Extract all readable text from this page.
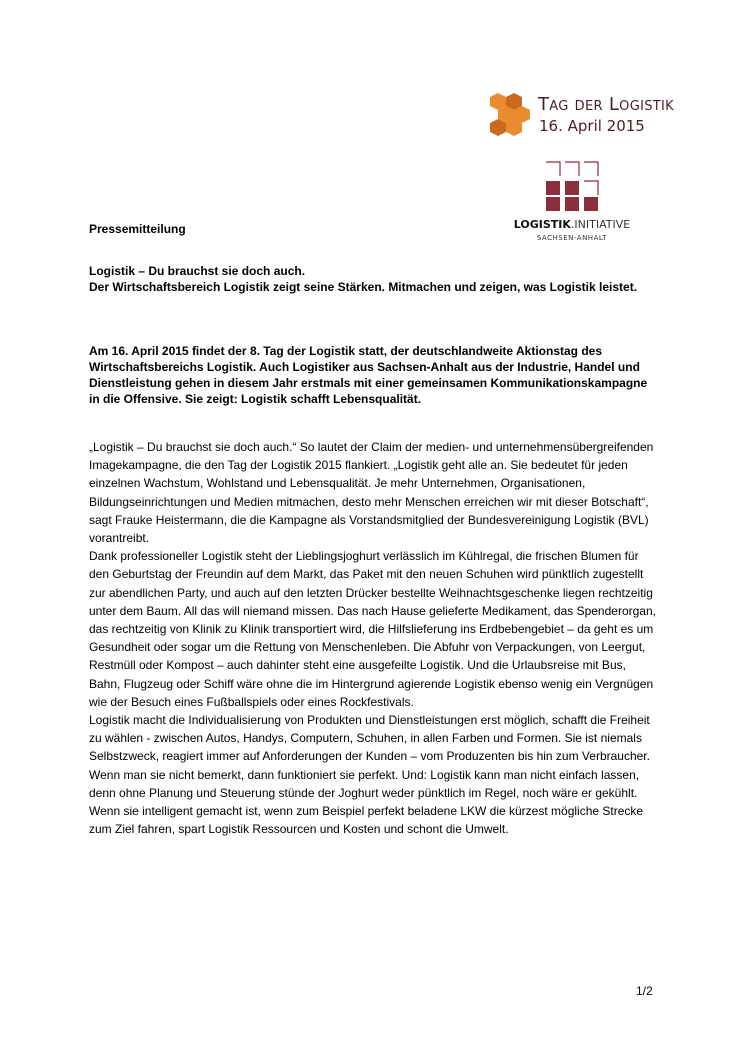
Tag der Logistik
16. April 2015
LOGISTIK.INITIATIVE
SACHSEN-ANHALT
Pressemitteilung
Logistik – Du brauchst sie doch auch.
Der Wirtschaftsbereich Logistik zeigt seine Stärken. Mitmachen und zeigen, was Logistik leistet.
Am 16. April 2015 findet der 8. Tag der Logistik statt, der deutschlandweite Aktionstag des Wirtschaftsbereichs Logistik. Auch Logistiker aus Sachsen-Anhalt aus der Industrie, Handel und Dienstleistung gehen in diesem Jahr erstmals mit einer gemeinsamen Kommunikationskampagne in die Offensive. Sie zeigt: Logistik schafft Lebensqualität.

„Logistik – Du brauchst sie doch auch.“ So lautet der Claim der medien- und unternehmensübergreifenden Imagekampagne, die den Tag der Logistik 2015 flankiert. „Logistik geht alle an. Sie bedeutet für jeden einzelnen Wachstum, Wohlstand und Lebensqualität. Je mehr Unternehmen, Organisationen, Bildungseinrichtungen und Medien mitmachen, desto mehr Menschen erreichen wir mit dieser Botschaft“, sagt Frauke Heistermann, die die Kampagne als Vorstandsmitglied der Bundesvereinigung Logistik (BVL) vorantreibt.

Dank professioneller Logistik steht der Lieblingsjoghurt verlässlich im Kühlregal, die frischen Blumen für den Geburtstag der Freundin auf dem Markt, das Paket mit den neuen Schuhen wird pünktlich zugestellt zur abendlichen Party, und auch auf den letzten Drücker bestellte Weihnachtsgeschenke liegen rechtzeitig unter dem Baum. All das will niemand missen. Das nach Hause gelieferte Medikament, das Spenderorgan, das rechtzeitig von Klinik zu Klinik transportiert wird, die Hilfslieferung ins Erdbebengebiet – da geht es um Gesundheit oder sogar um die Rettung von Menschenleben. Die Abfuhr von Verpackungen, von Leergut, Restmüll oder Kompost – auch dahinter steht eine ausgefeilte Logistik. Und die Urlaubsreise mit Bus, Bahn, Flugzeug oder Schiff wäre ohne die im Hintergrund agierende Logistik ebenso wenig ein Vergnügen wie der Besuch eines Fußballspiels oder eines Rockfestivals.

Logistik macht die Individualisierung von Produkten und Dienstleistungen erst möglich, schafft die Freiheit zu wählen - zwischen Autos, Handys, Computern, Schuhen, in allen Farben und Formen. Sie ist niemals Selbstzweck, reagiert immer auf Anforderungen der Kunden – vom Produzenten bis hin zum Verbraucher. Wenn man sie nicht bemerkt, dann funktioniert sie perfekt. Und: Logistik kann man nicht einfach lassen, denn ohne Planung und Steuerung stünde der Joghurt weder pünktlich im Regel, noch wäre er gekühlt. Wenn sie intelligent gemacht ist, wenn zum Beispiel perfekt beladene LKW die kürzest mögliche Strecke zum Ziel fahren, spart Logistik Ressourcen und Kosten und schont die Umwelt.

1/2
